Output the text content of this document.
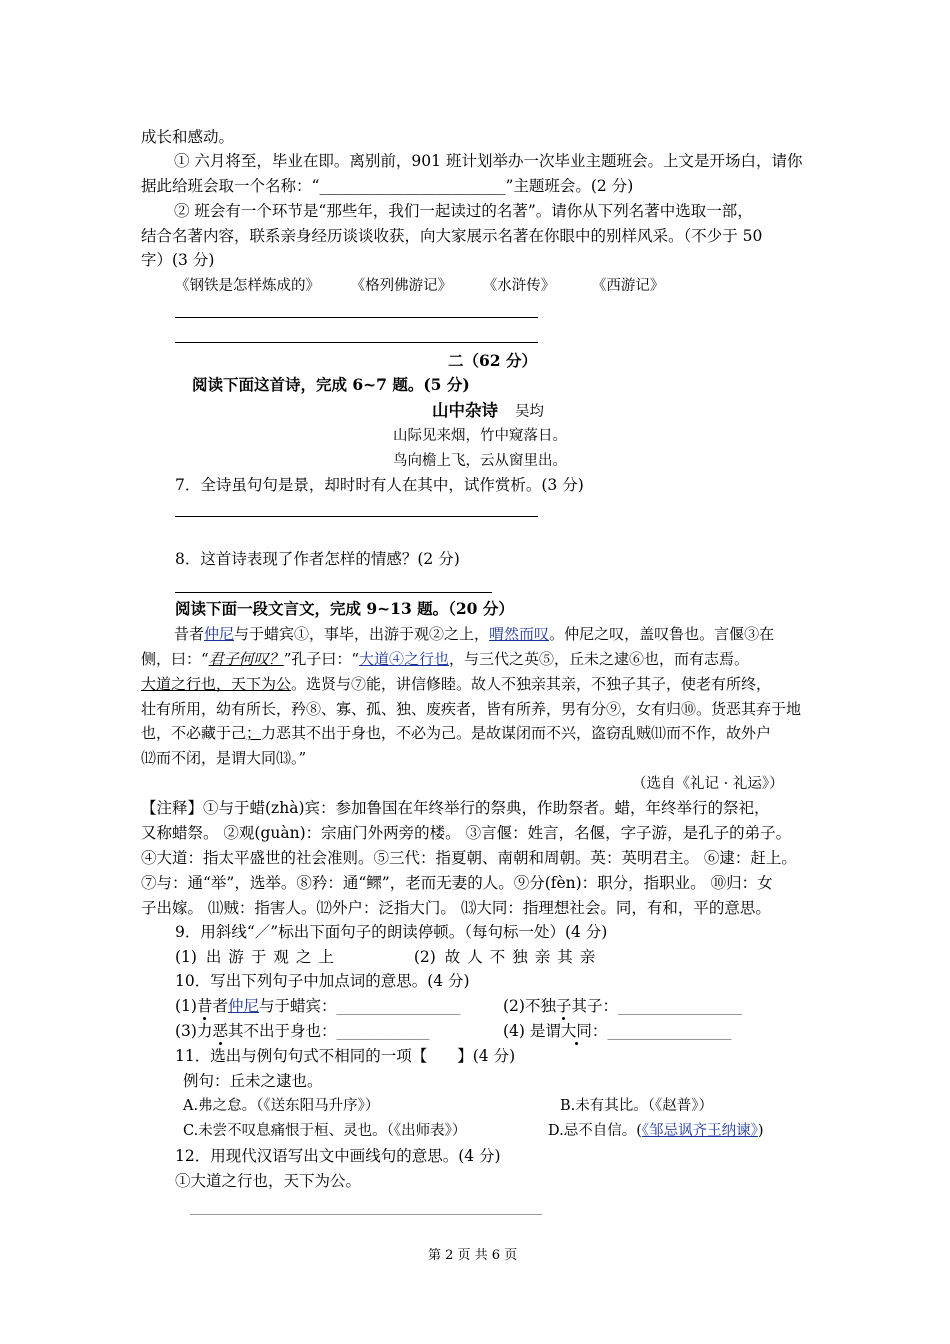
成长和感动。
① 六月将至，毕业在即。离别前，901 班计划举办一次毕业主题班会。上文是开场白，请你
据此给班会取一个名称：“________________________”主题班会。(2 分)
② 班会有一个环节是“那些年，我们一起读过的名著”。请你从下列名著中选取一部，
结合名著内容，联系亲身经历谈谈收获，向大家展示名著在你眼中的别样风采。（不少于 50
字）(3 分)
《钢铁是怎样炼成的》 《格列佛游记》 《水浒传》	《西游记》
二（62 分）
阅读下面这首诗，完成 6~7 题。(5 分)
山中杂诗 吴均
山际见来烟，竹中窥落日。
鸟向檐上飞，云从窗里出。
7．全诗虽句句是景，却时时有人在其中，试作赏析。(3 分)
8．这首诗表现了作者怎样的情感？(2 分)
阅读下面一段文言文，完成 9~13 题。（20 分）
昔者仲尼与于蜡宾①，事毕，出游于观②之上，喟然而叹。仲尼之叹，盖叹鲁也。言偃③在
侧，曰：“君子何叹？”孔子曰：“大道④之行也，与三代之英⑤，丘未之逮⑥也，而有志焉。
大道之行也，天下为公。选贤与⑦能，讲信修睦。故人不独亲其亲，不独子其子，使老有所终，
壮有所用，幼有所长，矜⑧、寡、孤、独、废疾者，皆有所养，男有分⑨，女有归⑩。货恶其弃于地
也，不必藏于己；力恶其不出于身也，不必为己。是故谋闭而不兴，盗窃乱贼⑾而不作，故外户
⑿而不闭，是谓大同⒀。”
（选自《礼记 · 礼运》）
【注释】①与于蜡(zhà)宾：参加鲁国在年终举行的祭典，作助祭者。蜡，年终举行的祭祀，
又称蜡祭。 ②观(guàn)：宗庙门外两旁的楼。 ③言偃：姓言，名偃，字子游，是孔子的弟子。
④大道：指太平盛世的社会准则。⑤三代：指夏朝、南朝和周朝。英：英明君主。 ⑥逮：赶上。
⑦与：通“举”，选举。⑧矜：通“鳏”，老而无妻的人。⑨分(fèn)：职分，指职业。 ⑩归：女
子出嫁。 ⑾贼：指害人。⑿外户：泛指大门。 ⒀大同：指理想社会。同，有和，平的意思。
9．用斜线“／”标出下面句子的朗读停顿。（每句标一处）(4 分)
(1) 出游于观之上	(2) 故人不独亲其亲
10．写出下列句子中加点词的意思。(4 分)
(1)昔者仲尼与于蜡宾：________________	(2)不独子其子：________________
(3)力恶其不出于身也：____________	(4) 是谓大同：________________
11．选出与例句句式不相同的一项【 】(4 分)
例句：丘未之逮也。
A.弗之怠。（《送东阳马升序》）	B.未有其比。（《赵普》）
C.未尝不叹息痛恨于桓、灵也。（《出师表》）	D.忌不自信。(《邹忌讽齐王纳谏》)
12．用现代汉语写出文中画线句的意思。(4 分)
①大道之行也，天下为公。
第 2 页 共 6 页
